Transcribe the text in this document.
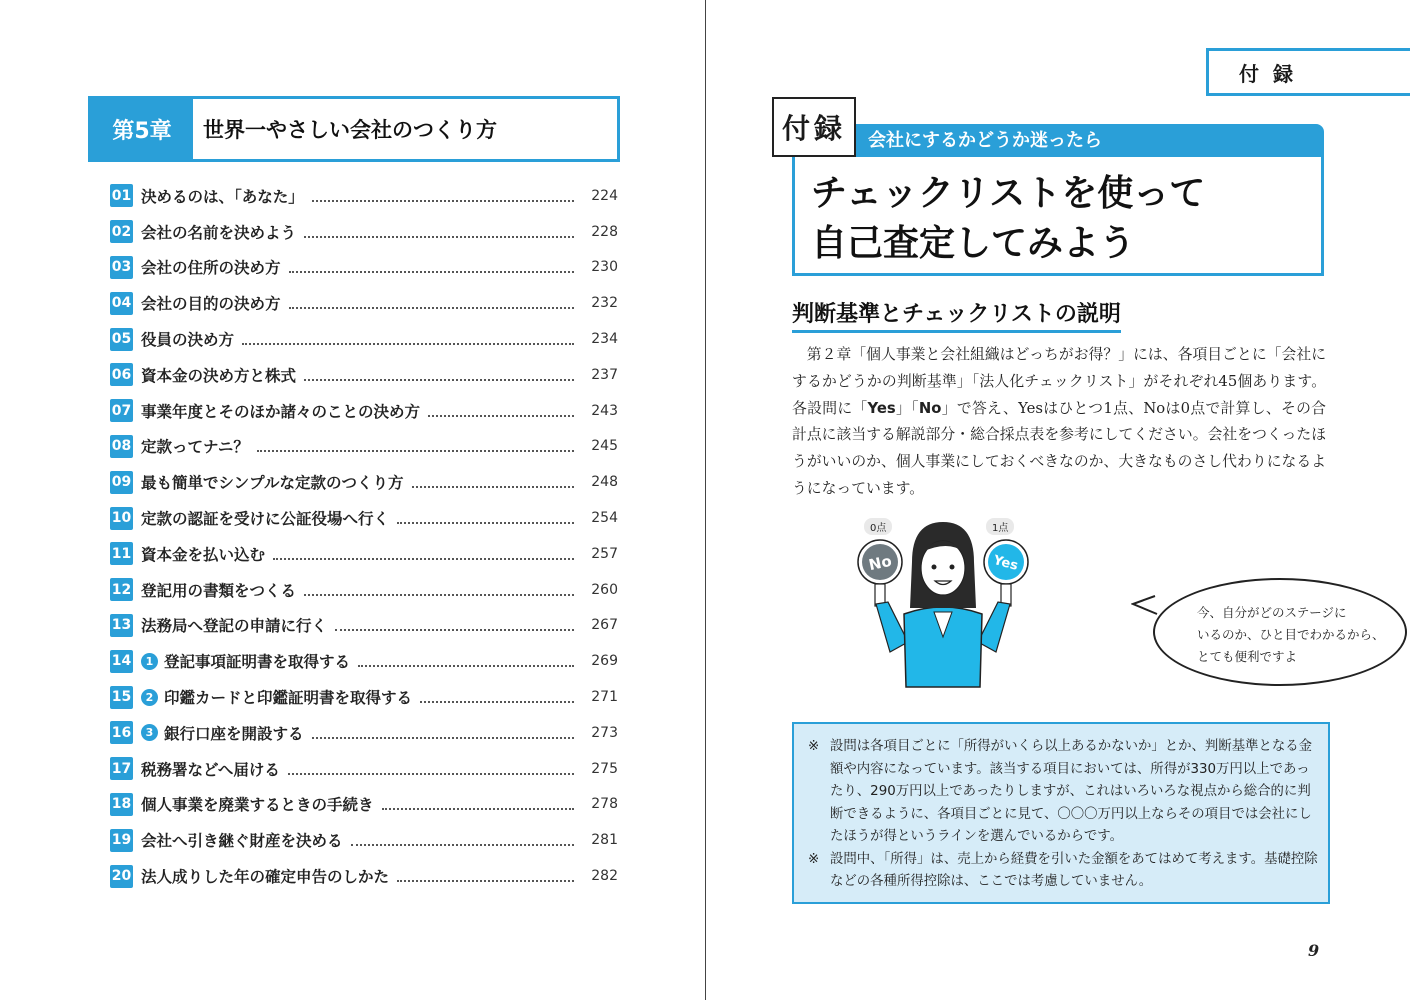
第5章	世界一やさしい会社のつくり方
01 決めるのは、「あなた」	224
02 会社の名前を決めよう	228
03 会社の住所の決め方	230
04 会社の目的の決め方	232
05 役員の決め方	234
06 資本金の決め方と株式	237
07 事業年度とそのほか諸々のことの決め方	243
08 定款ってナニ？	245
09 最も簡単でシンプルな定款のつくり方	248
10 定款の認証を受けに公証役場へ行く	254
11 資本金を払い込む	257
12 登記用の書類をつくる	260
13 法務局へ登記の申請に行く	267
14	1 登記事項証明書を取得する	269
15	2 印鑑カードと印鑑証明書を取得する	271
16	3 銀行口座を開設する	273
17 税務署などへ届ける	275
18 個人事業を廃業するときの手続き	278
19 会社へ引き継ぐ財産を決める	281
20 法人成りした年の確定申告のしかた	282
付録
会社にするかどうか迷ったら
付録
チェックリストを使って
自己査定してみよう
判断基準とチェックリストの説明
第２章「個人事業と会社組織はどっちがお得？」には、各項目ごとに「会社にするかどうかの判断基準」「法人化チェックリスト」がそれぞれ45個あります。各設問に「Yes」「No」で答え、Yesはひとつ1点、Noは0点で計算し、その合計点に該当する解説部分・総合採点表を参考にしてください。会社をつくったほうがいいのか、個人事業にしておくべきなのか、大きなものさし代わりになるようになっています。
0点	1点
No	Yes
今、自分がどのステージに
いるのか、ひと目でわかるから、
とても便利ですよ
※ 設問は各項目ごとに「所得がいくら以上あるかないか」とか、判断基準となる金額や内容になっています。該当する項目においては、所得が330万円以上であったり、290万円以上であったりしますが、これはいろいろな視点から総合的に判断できるように、各項目ごとに見て、〇〇〇万円以上ならその項目では会社にしたほうが得というラインを選んでいるからです。
※ 設問中、「所得」は、売上から経費を引いた金額をあてはめて考えます。基礎控除などの各種所得控除は、ここでは考慮していません。
9
